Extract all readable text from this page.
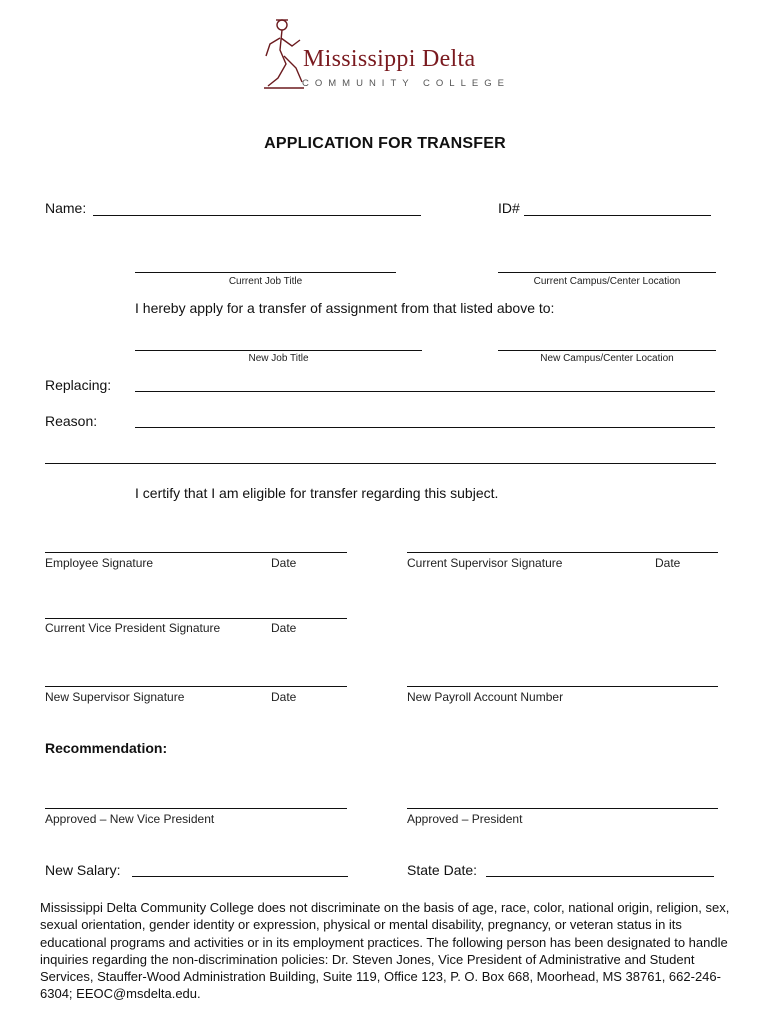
Mississippi Delta
COMMUNITY COLLEGE
APPLICATION FOR TRANSFER
Name:	ID#
Current Job Title	Current Campus/Center Location
I hereby apply for a transfer of assignment from that listed above to:
New Job Title	New Campus/Center Location
Replacing:
Reason:
I certify that I am eligible for transfer regarding this subject.
Employee Signature	Date	Current Supervisor Signature	Date
Current Vice President Signature	Date
New Supervisor Signature	Date	New Payroll Account Number
Recommendation:
Approved – New Vice President	Approved – President
New Salary:	State Date:
Mississippi Delta Community College does not discriminate on the basis of age, race, color, national origin, religion, sex, sexual orientation, gender identity or expression, physical or mental disability, pregnancy, or veteran status in its educational programs and activities or in its employment practices. The following person has been designated to handle inquiries regarding the non-discrimination policies: Dr. Steven Jones, Vice President of Administrative and Student Services, Stauffer-Wood Administration Building, Suite 119, Office 123, P. O. Box 668, Moorhead, MS 38761, 662-246-6304; EEOC@msdelta.edu.
